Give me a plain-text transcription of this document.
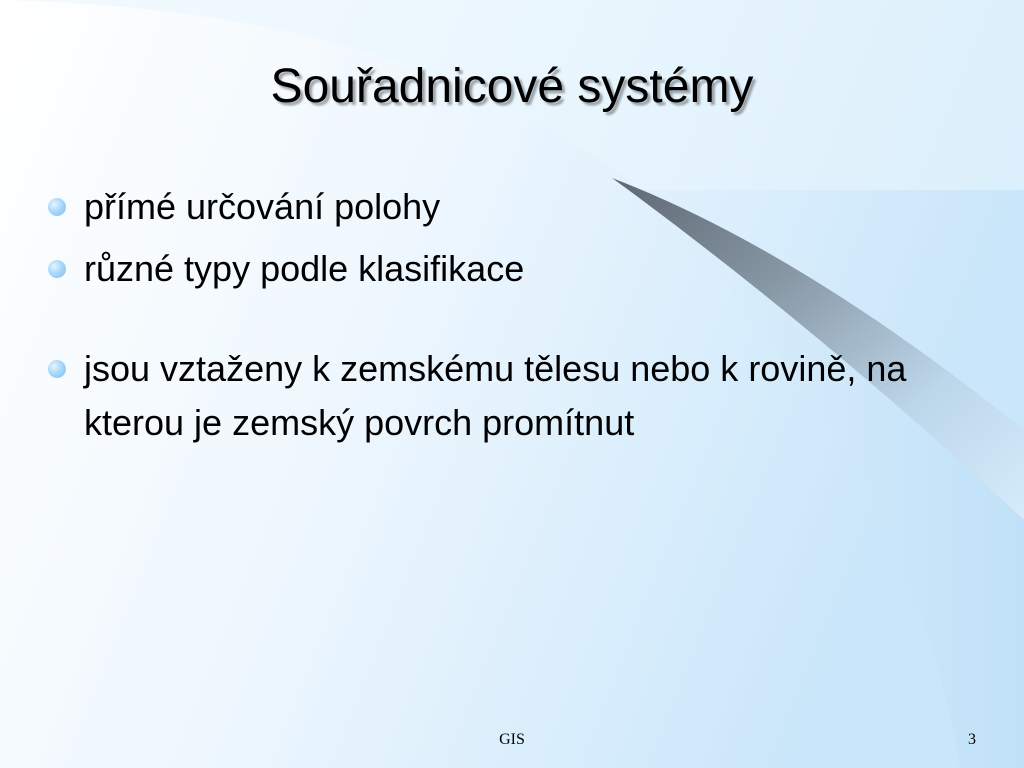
Souřadnicové systémy
přímé určování polohy
různé typy podle klasifikace
jsou vztaženy k zemskému tělesu nebo k rovině, na kterou je zemský povrch promítnut
GIS	3
